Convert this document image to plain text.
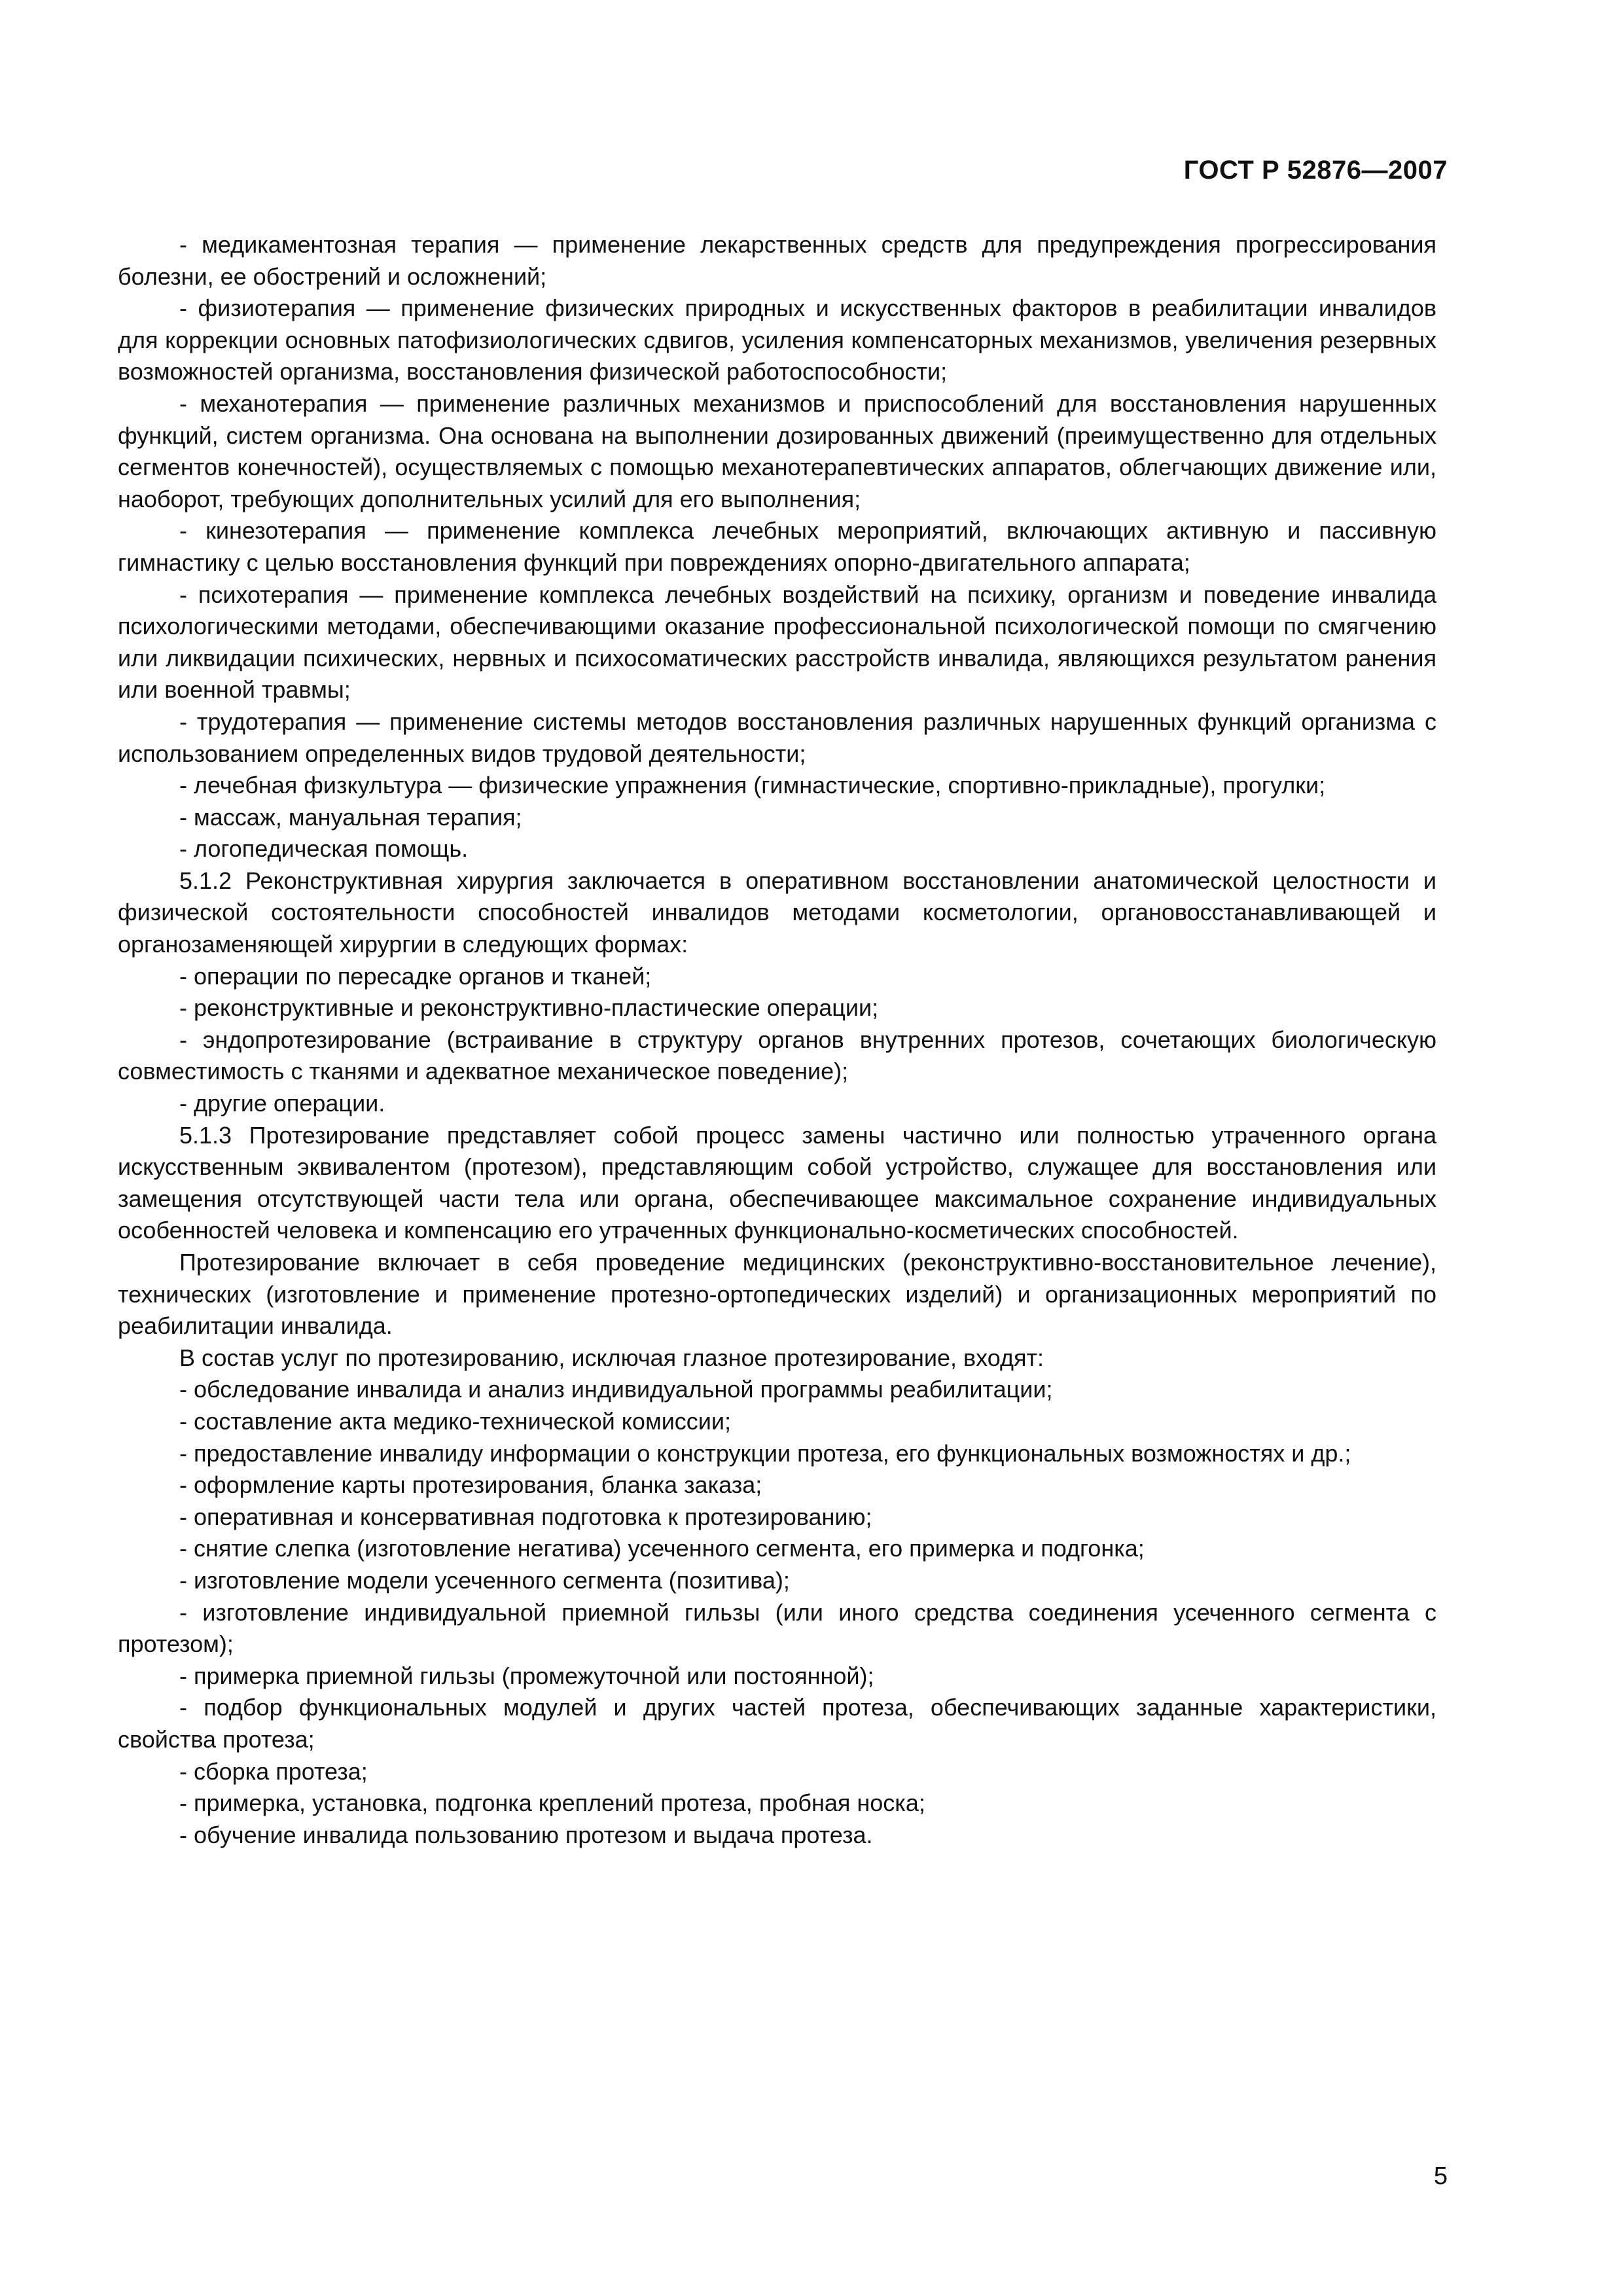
ГОСТ Р 52876—2007

- медикаментозная терапия — применение лекарственных средств для предупреждения прогрессирования болезни, ее обострений и осложнений;

- физиотерапия — применение физических природных и искусственных факторов в реабилитации инвалидов для коррекции основных патофизиологических сдвигов, усиления компенсаторных механизмов, увеличения резервных возможностей организма, восстановления физической работоспособности;

- механотерапия — применение различных механизмов и приспособлений для восстановления нарушенных функций, систем организма. Она основана на выполнении дозированных движений (преимущественно для отдельных сегментов конечностей), осуществляемых с помощью механотерапевтических аппаратов, облегчающих движение или, наоборот, требующих дополнительных усилий для его выполнения;

- кинезотерапия — применение комплекса лечебных мероприятий, включающих активную и пассивную гимнастику с целью восстановления функций при повреждениях опорно-двигательного аппарата;

- психотерапия — применение комплекса лечебных воздействий на психику, организм и поведение инвалида психологическими методами, обеспечивающими оказание профессиональной психологической помощи по смягчению или ликвидации психических, нервных и психосоматических расстройств инвалида, являющихся результатом ранения или военной травмы;

- трудотерапия — применение системы методов восстановления различных нарушенных функций организма с использованием определенных видов трудовой деятельности;

- лечебная физкультура — физические упражнения (гимнастические, спортивно-прикладные), прогулки;

- массаж, мануальная терапия;

- логопедическая помощь.

5.1.2 Реконструктивная хирургия заключается в оперативном восстановлении анатомической целостности и физической состоятельности способностей инвалидов методами косметологии, органовосстанавливающей и органозаменяющей хирургии в следующих формах:

- операции по пересадке органов и тканей;

- реконструктивные и реконструктивно-пластические операции;

- эндопротезирование (встраивание в структуру органов внутренних протезов, сочетающих биологическую совместимость с тканями и адекватное механическое поведение);

- другие операции.

5.1.3 Протезирование представляет собой процесс замены частично или полностью утраченного органа искусственным эквивалентом (протезом), представляющим собой устройство, служащее для восстановления или замещения отсутствующей части тела или органа, обеспечивающее максимальное сохранение индивидуальных особенностей человека и компенсацию его утраченных функционально-косметических способностей.

Протезирование включает в себя проведение медицинских (реконструктивно-восстановительное лечение), технических (изготовление и применение протезно-ортопедических изделий) и организационных мероприятий по реабилитации инвалида.

В состав услуг по протезированию, исключая глазное протезирование, входят:

- обследование инвалида и анализ индивидуальной программы реабилитации;

- составление акта медико-технической комиссии;

- предоставление инвалиду информации о конструкции протеза, его функциональных возможностях и др.;

- оформление карты протезирования, бланка заказа;

- оперативная и консервативная подготовка к протезированию;

- снятие слепка (изготовление негатива) усеченного сегмента, его примерка и подгонка;

- изготовление модели усеченного сегмента (позитива);

- изготовление индивидуальной приемной гильзы (или иного средства соединения усеченного сегмента с протезом);

- примерка приемной гильзы (промежуточной или постоянной);

- подбор функциональных модулей и других частей протеза, обеспечивающих заданные характеристики, свойства протеза;

- сборка протеза;

- примерка, установка, подгонка креплений протеза, пробная носка;

- обучение инвалида пользованию протезом и выдача протеза.

5
